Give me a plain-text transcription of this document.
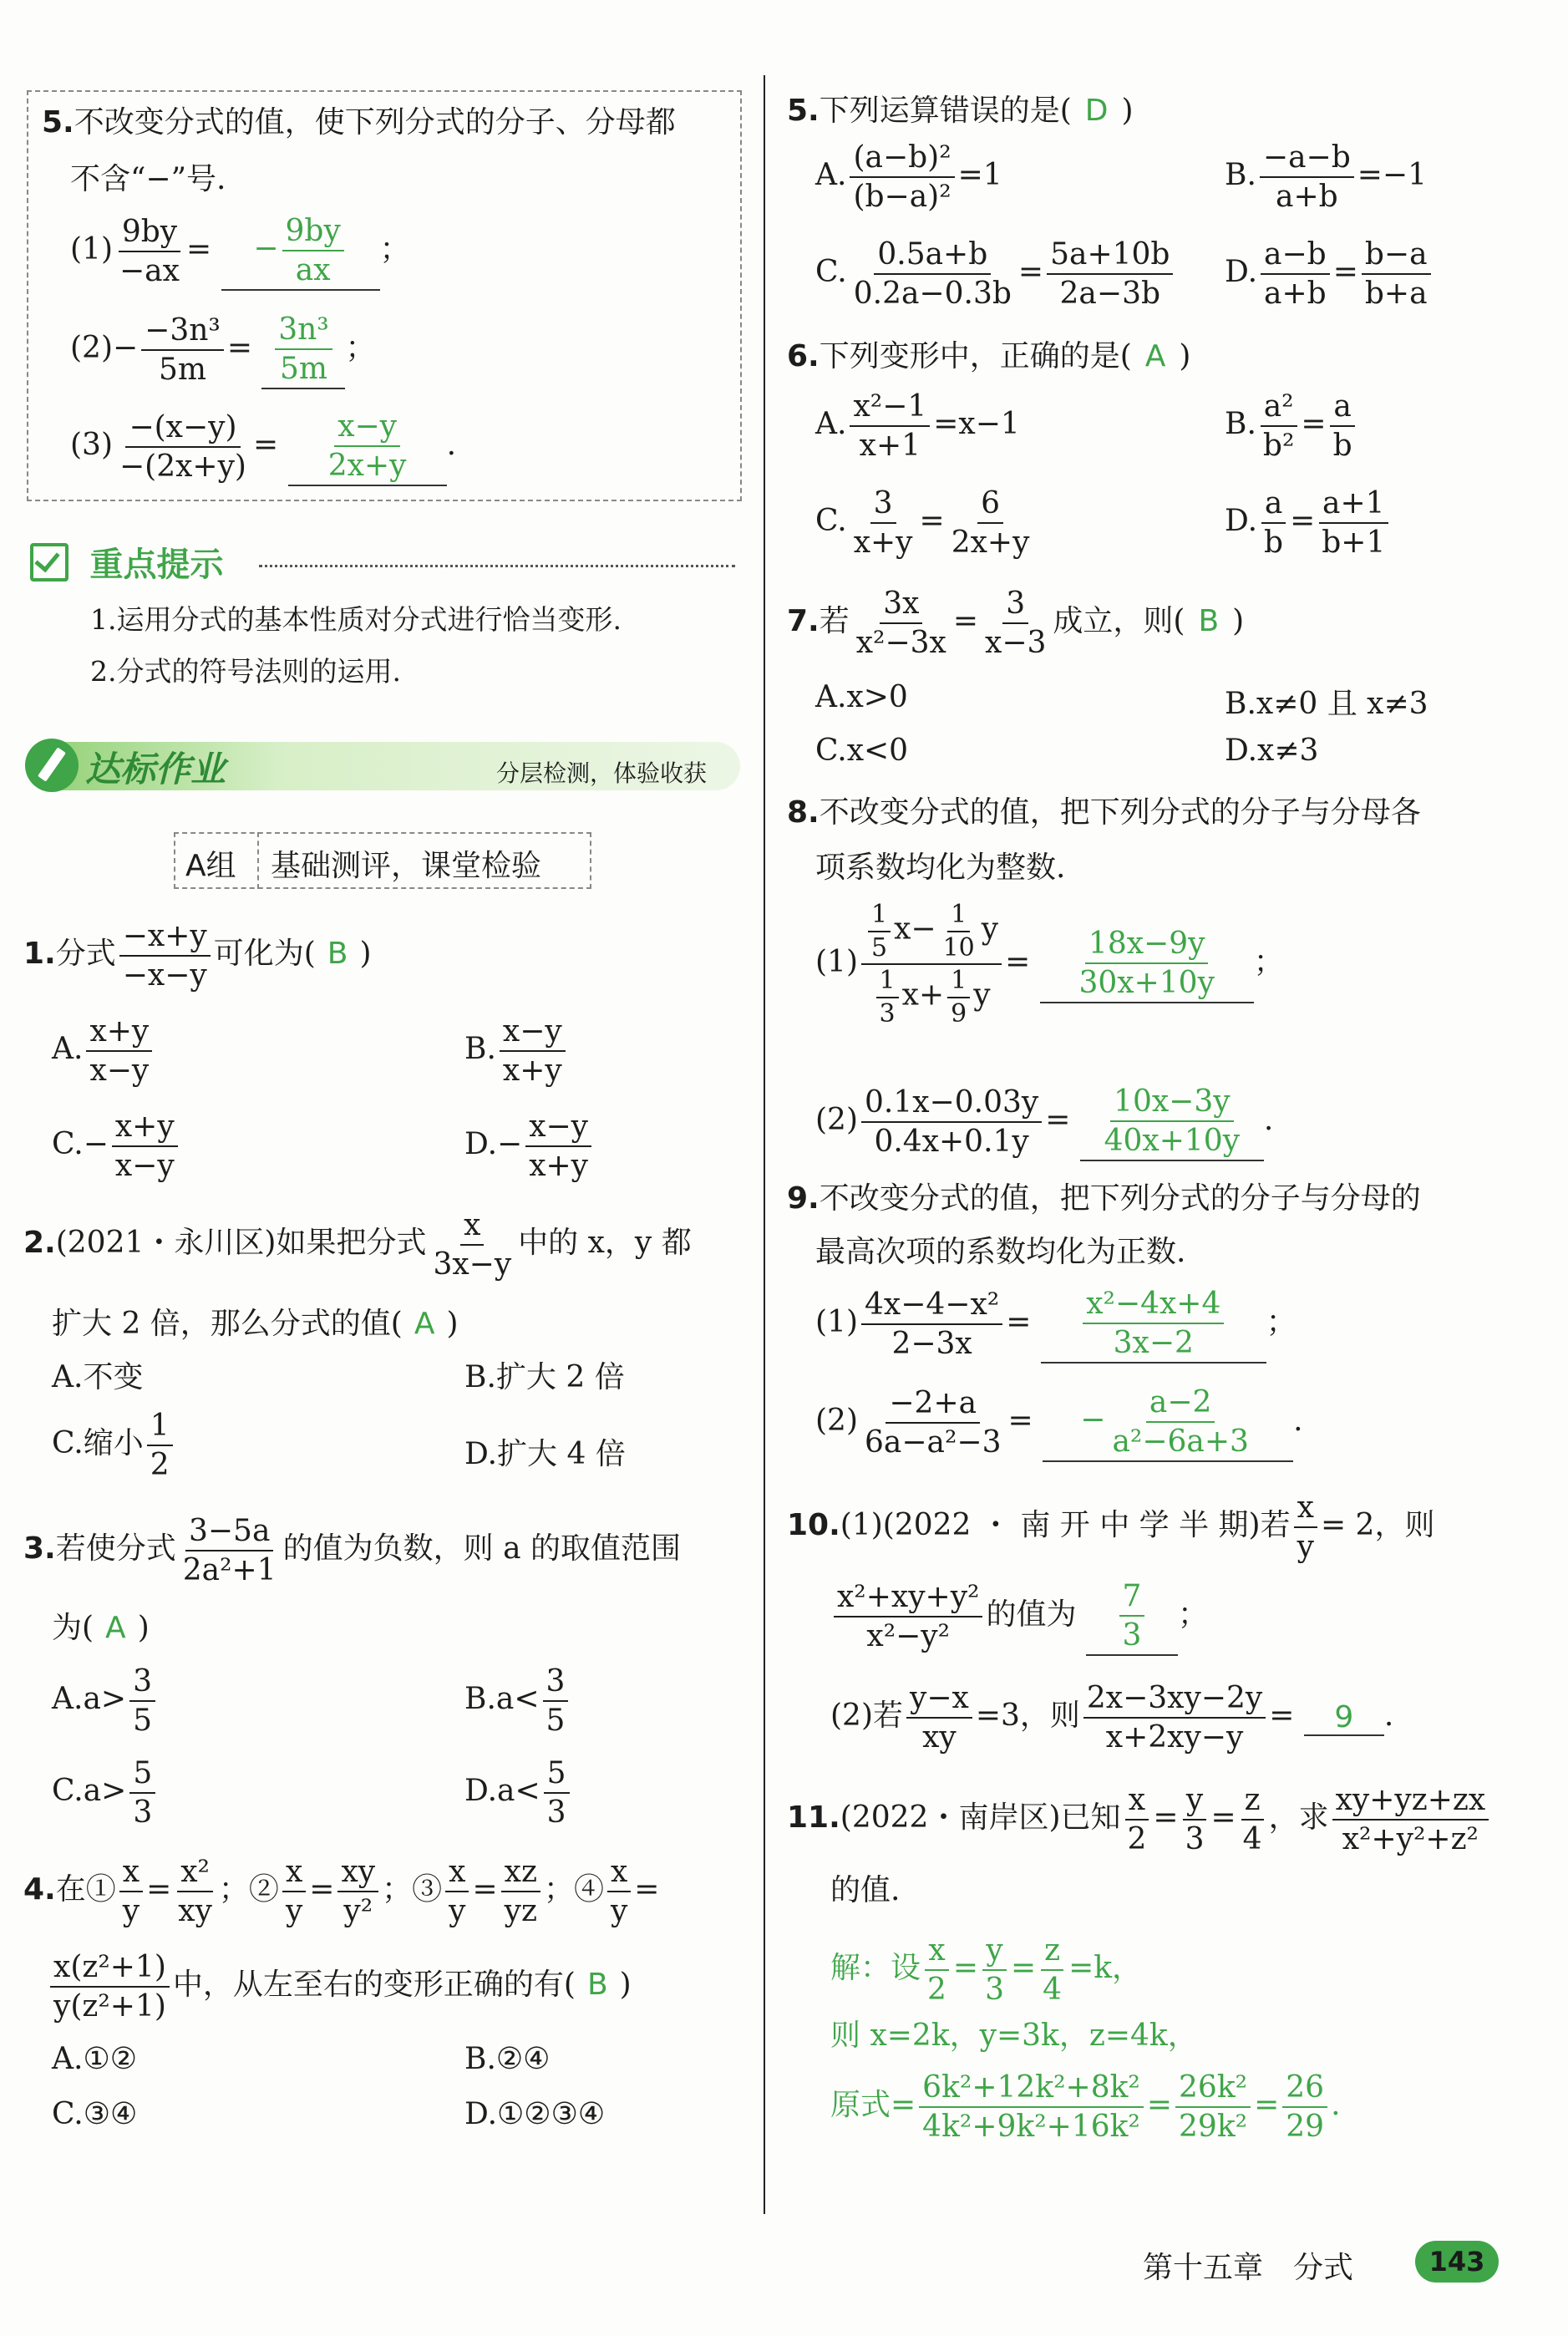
5.不改变分式的值，使下列分式的分子、分母都
不含“−”号.
$(1) \frac{9by}{-ax}$ = − $\frac{9by}{ax}$ ；
$(2)- \frac{\text{−3n³}}{5m} = \frac{\text{3n³}}{5m}$ ；
$(3) \frac{-(x-y)}{-(2x+y)} = \frac{x-y}{2x+y}$ .
重点提示
1.运用分式的基本性质对分式进行恰当变形.
2.分式的符号法则的运用.
达标作业	分层检测，体验收获
A组 基础测评，课堂检验
1.分式 $\frac{-x+y}{-x-y}$ 可化为( B )
A. $\frac{x+y}{x-y}$	B. $\frac{x-y}{x+y}$
$C.- \frac{x+y}{x-y}$	$D.- \frac{x-y}{x+y}$
2.(2021・永川区)如果把分式 $\frac{x}{3x-y}$ 中的 x，y 都
扩大 2 倍，那么分式的值( A )
A.不变	B.扩大 2 倍
C.缩小 $\frac{1}{2}$	D.扩大 4 倍
3.若使分式 $\frac{3-5a}{\text{2a²+1}}$ 的值为负数，则 a 的取值范围
为( A )
$A.a> \frac{3}{5}$	$B.a< \frac{3}{5}$
$C.a> \frac{5}{3}$	$D.a< \frac{5}{3}$
4.在① $\frac{x}{y} = \frac{\text{x²}}{xy}$ ；② $\frac{x}{y} = \frac{xy}{\text{y²}}$ ；③ $\frac{x}{y} = \frac{xz}{yz}$ ；④ $\frac{x}{y}$ =
$\frac{\text{x(z²+1)}}{\text{y(z²+1)}}$ 中，从左至右的变形正确的有( B )
A.①②	B.②④
C.③④	D.①②③④
5.下列运算错误的是( D )
A. $\frac{\text{(a−b)²}}{\text{(b−a)²}} =1$	B. $\frac{-a-b}{a+b} =-1$
C. $\frac{0.5a+b}{0.2a-0.3b} = \frac{5a+10b}{2a-3b} D$. $\frac{a-b}{a+b} = \frac{b-a}{b+a}$
6.下列变形中，正确的是( A )
A. $\frac{\text{x²−1}}{x+1} =x-1$	B. $\frac{\text{a²}}{\text{b²}} = \frac{a}{b}$
C. $\frac{3}{x+y} = \frac{6}{2x+y}$	D. $\frac{a}{b} = \frac{a+1}{b+1}$
7.若 $\frac{3x}{\text{x²−3x}} = \frac{3}{x-3}$ 成立，则( B )
A.x>0	B.x≠0 且 x≠3
C.x<0	D.x≠3
8.不改变分式的值，把下列分式的分子与分母各
项系数均化为整数.
$(1) \frac{\frac{1}{5} x- \frac{1}{10} y}{\frac{1}{3} x+ \frac{1}{9} y} = \frac{18x-9y}{30x+10y}$ ；
$(2) \frac{0.1x-0.03y}{0.4x+0.1y} = \frac{10x-3y}{40x+10y}$ .
9.不改变分式的值，把下列分式的分子与分母的
最高次项的系数均化为正数.
$(1) \frac{\text{4x−4−x²}}{2-3x} = \frac{\text{x²−4x+4}}{3x-2}$ ；
$(2) \frac{-2+a}{\text{6a−a²−3}}$ = − $\frac{a-2}{\text{a²−6a+3}}$ .
10.(1)(2022 ・ 南 开 中 学 半 期)若 $\frac{x}{y} = 2$，则
$\frac{\text{x²+xy+y²}}{\text{x²−y²}}$ 的值为 $\frac{7}{3}$ ；
(2)若 $\frac{y-x}{xy} =3$，则 $\frac{2x-3xy-2y}{x+2xy-y} = 9$ .
11.(2022・南岸区)已知 $\frac{x}{2} = \frac{y}{3} = \frac{z}{4}$ ，求 $\frac{xy+yz+zx}{\text{x²+y²+z²}}$
的值.
解：设 $\frac{x}{2} = \frac{y}{3} = \frac{z}{4} =k$，
则 x=2k，y=3k，z=4k，
原式= $\frac{\text{6k²+12k²+8k²}}{\text{4k²+9k²+16k²}} = \frac{\text{26k²}}{\text{29k²}} = \frac{26}{29}$ .
第十五章　分式	143
